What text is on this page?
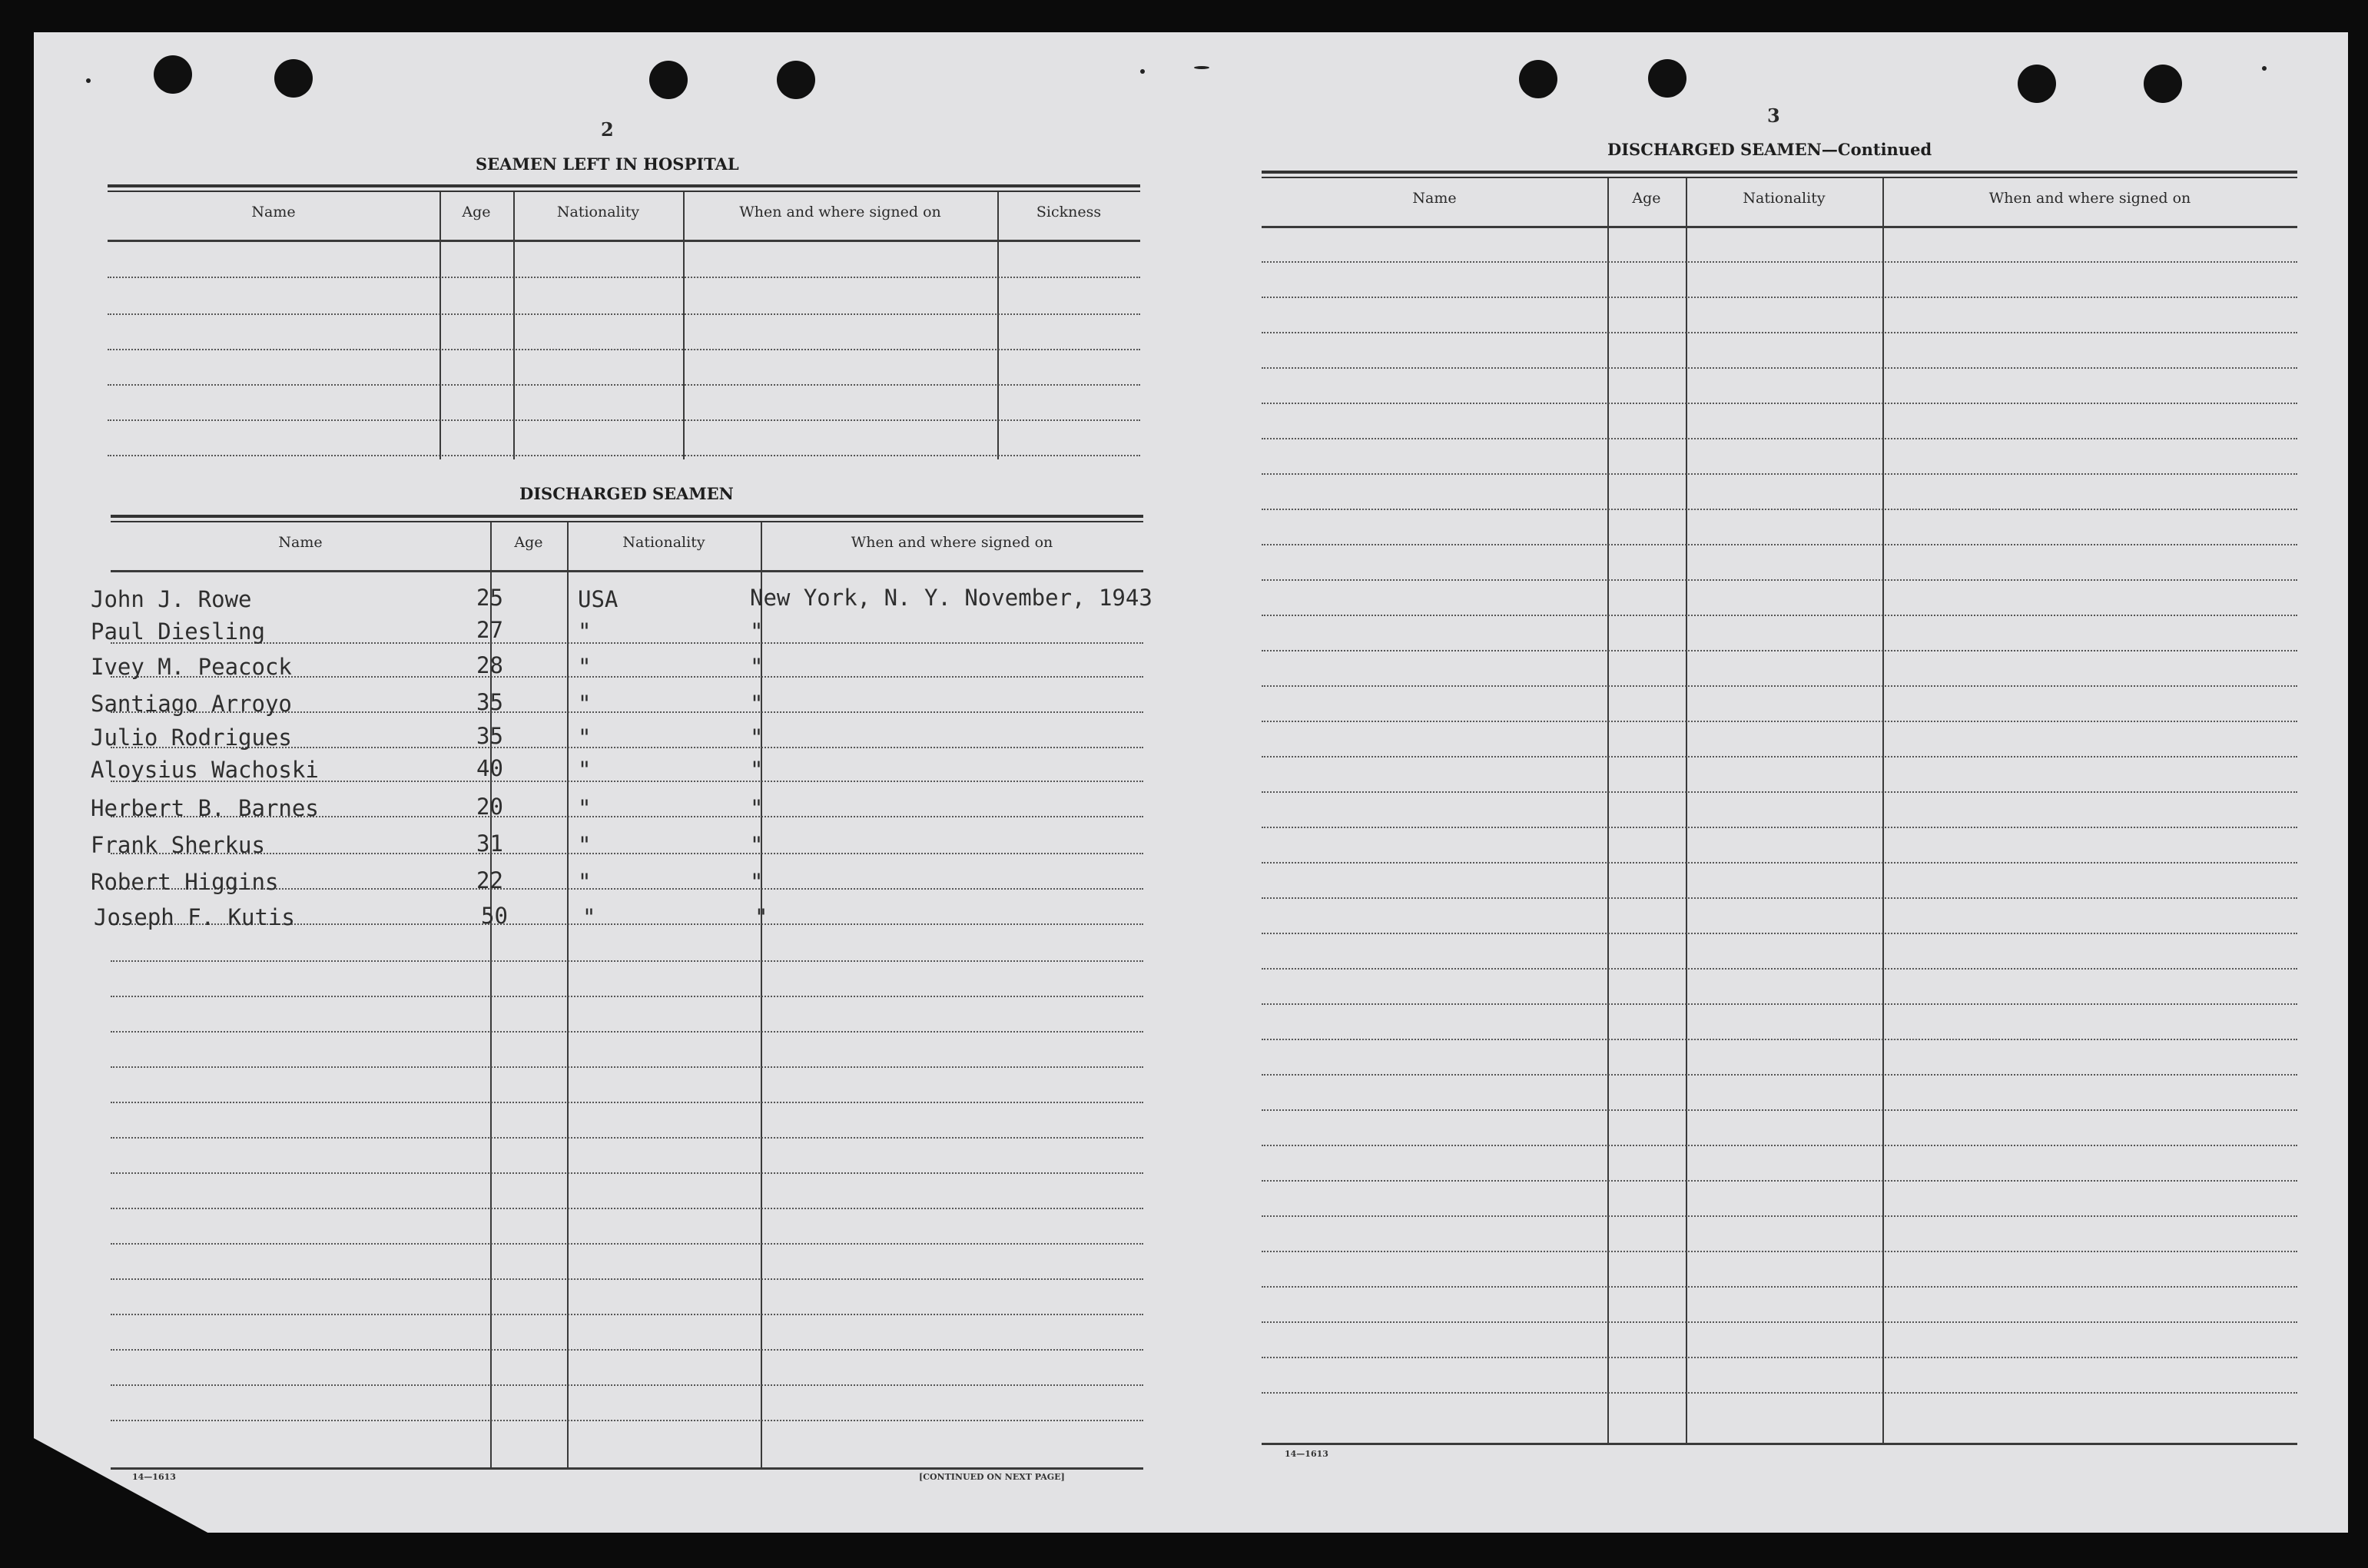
2
SEAMEN LEFT IN HOSPITAL
Name	Age	Nationality	When and where signed on	Sickness
DISCHARGED SEAMEN
Name	Age	Nationality	When and where signed on
John J. Rowe	25	USA	New York, N. Y. November, 1943
Paul Diesling	27	"	"
Ivey M. Peacock	28	"	"
Santiago Arroyo	35	"	"
Julio Rodrigues	35	"	"
Aloysius Wachoski	40	"	"
Herbert B. Barnes	20	"	"
Frank Sherkus	31	"	"
Robert Higgins	22	"	"
Joseph F. Kutis	50	"	"
14—1613	[CONTINUED ON NEXT PAGE]
3
DISCHARGED SEAMEN—Continued
Name	Age	Nationality	When and where signed on
14—1613
